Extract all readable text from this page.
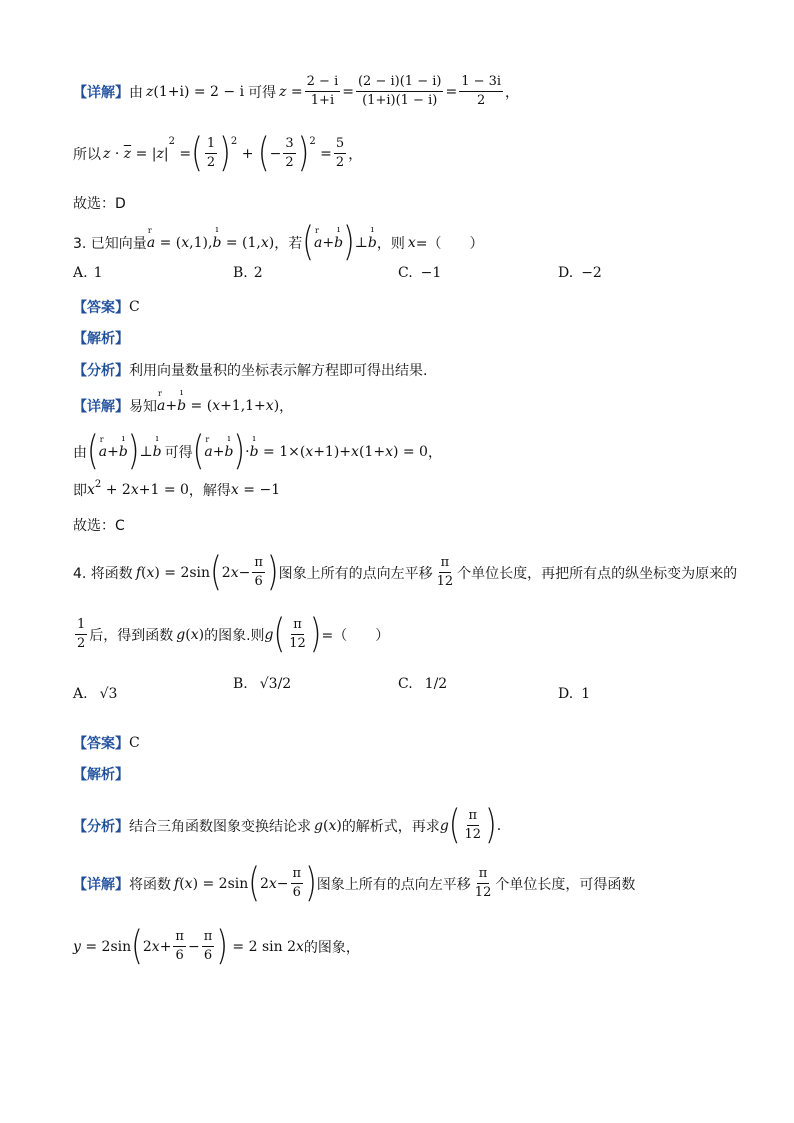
【详解】 由 z (1+i) = 2 − i 可得 $z = \frac{2 - i}{1+i} = \frac{(2 - i)(1 - i)}{(1+i)(1 - i)} = \frac{1 - 3i}{2}$ ，
所以 $z \cdot \overline{z}$ = | z |
2
= ( $\frac{1}{2}$ ) 2
+ ( − $\frac{3}{2}$ ) 2
= $\frac{5}{2}$ ，
故选：D
3. 已知向量 r a = ( x ,1), ı b = (1, x ) ，若 ( r a + ı b ) ⊥ ı b ，则 x =（　　）
A. 1	B. 2	C. −1	D. −2
【答案】 C
【解析】
【分析】 利用向量数量积的坐标表示解方程即可得出结果.
【详解】 易知 r a + ı b = ( x +1,1+ x ) ，
由 ( r a + ı b ) ⊥ ı b 可得 ( r a + ı b ) · ı b = 1×( x +1)+ x (1+ x ) = 0 ，
即 x 2 + 2 x +1 = 0 ，解得 x = −1
故选：C
4. 将函数 f ( x ) = 2sin ( 2 $x - \frac{\pi}{6}$ ) 图象上所有的点向左平移 $\frac{\pi}{12}$ 个单位长度，再把所有点的纵坐标变为原来的
$\frac{1}{2}$ 后，得到函数 g ( x ) 的图象.则 g ( $\frac{\pi}{12}$ ) =（　　）
A. √3
B. √3/2	C. 1/2
D. 1
【答案】 C
【解析】
【分析】 结合三角函数图象变换结论求 g ( x ) 的解析式，再求 g ( $\frac{\pi}{12}$ ) .
【详解】 将函数 f ( x ) = 2sin ( 2 $x - \frac{\pi}{6}$ ) 图象上所有的点向左平移 $\frac{\pi}{12}$ 个单位长度，可得函数
y = 2sin ( 2 $x + \frac{\pi}{6} - \frac{\pi}{6}$ ) = 2 sin 2 x 的图象，
